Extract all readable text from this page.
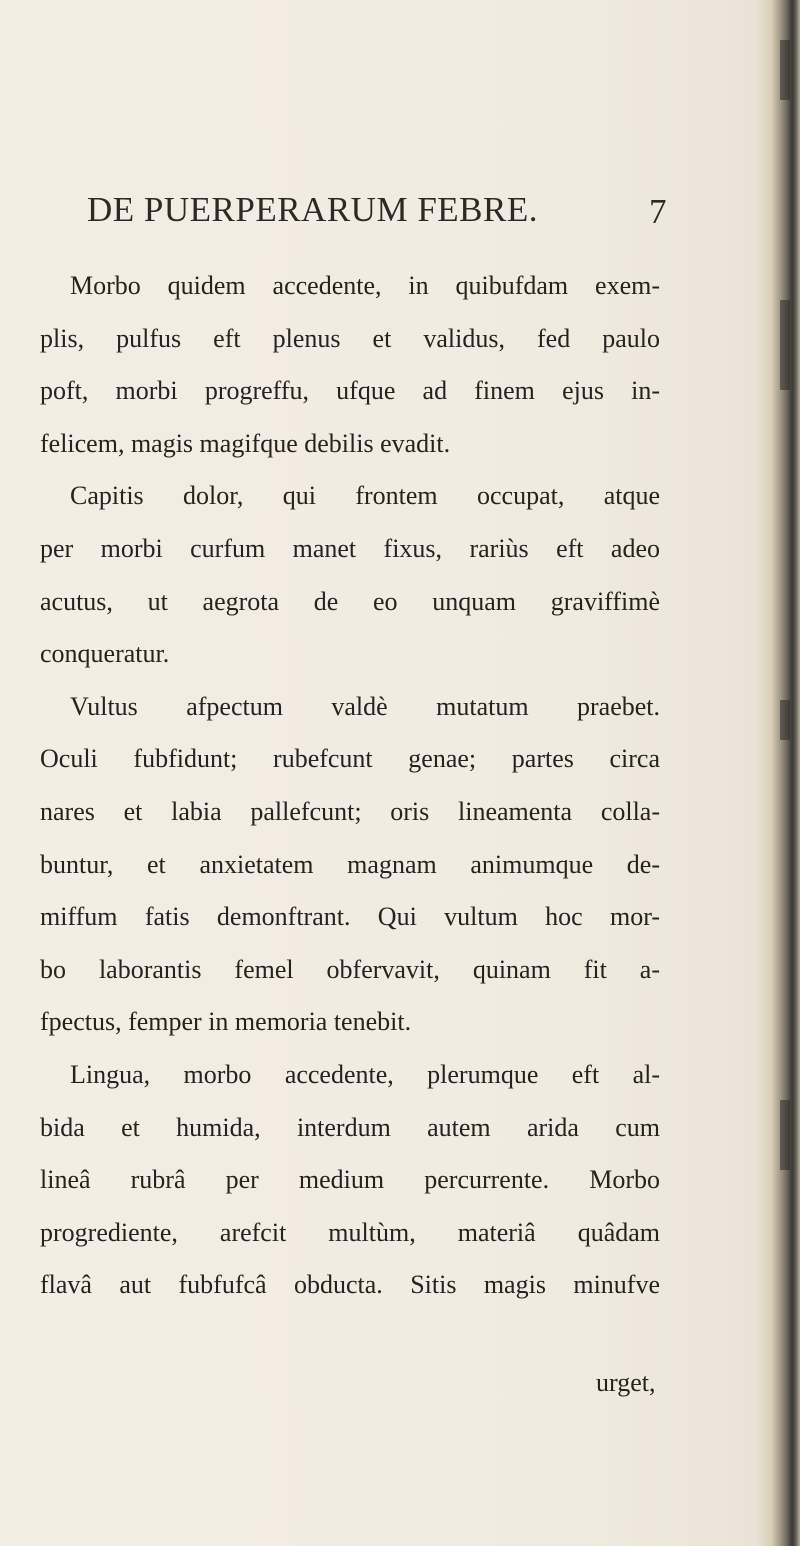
DE PUERPERARUM FEBRE.	7
Morbo quidem accedente, in quibufdam exem-
plis, pulfus eft plenus et validus, fed paulo
poft, morbi progreffu, ufque ad finem ejus in-
felicem, magis magifque debilis evadit.
Capitis dolor, qui frontem occupat, atque
per morbi curfum manet fixus, rariùs eft adeo
acutus, ut aegrota de eo unquam graviffimè
conqueratur.
Vultus afpectum valdè mutatum praebet.
Oculi fubfidunt; rubefcunt genae; partes circa
nares et labia pallefcunt; oris lineamenta colla-
buntur, et anxietatem magnam animumque de-
miffum fatis demonftrant. Qui vultum hoc mor-
bo laborantis femel obfervavit, quinam fit a-
fpectus, femper in memoria tenebit.
Lingua, morbo accedente, plerumque eft al-
bida et humida, interdum autem arida cum
lineâ rubrâ per medium percurrente. Morbo
progrediente, arefcit multùm, materiâ quâdam
flavâ aut fubfufcâ obducta. Sitis magis minufve
urget,
